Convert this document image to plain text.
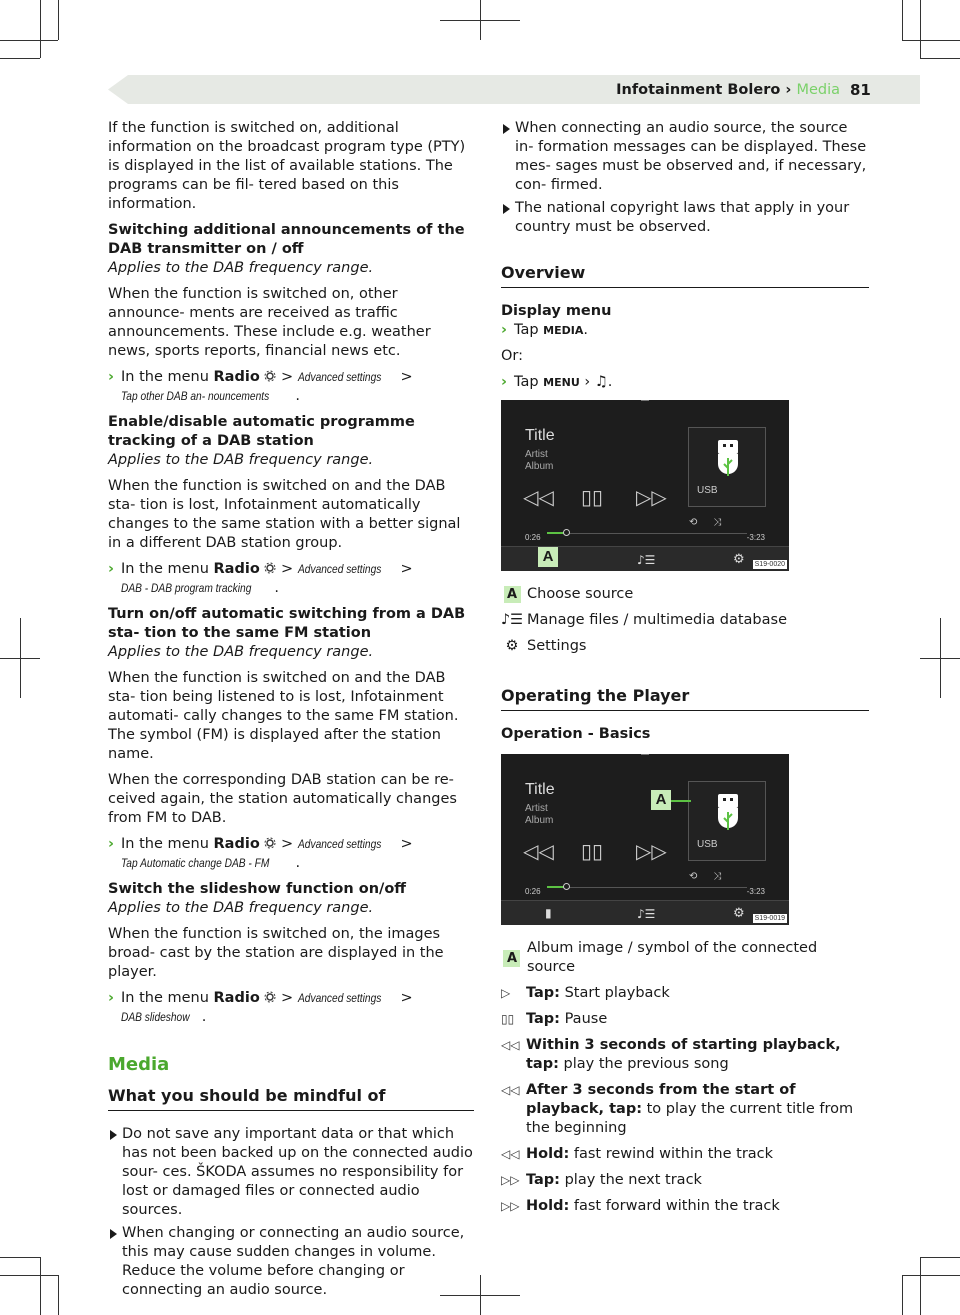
Infotainment Bolero › Media 81

If the function is switched on, additional information on the broadcast program type (PTY) is displayed in the list of available stations. The programs can be fil- tered based on this information.

Switching additional announcements of the DAB transmitter on / off
Applies to the DAB frequency range.

When the function is switched on, other announce- ments are received as traffic announcements. These include e.g. weather news, sports reports, financial news etc.

› In the menu Radio > Advanced settings > Tap other DAB an- nouncements .

Enable/disable automatic programme tracking of a DAB station
Applies to the DAB frequency range.

When the function is switched on and the DAB sta- tion is lost, Infotainment automatically changes to the same station with a better signal in a different DAB station group.

› In the menu Radio > Advanced settings > DAB - DAB program tracking .

Turn on/off automatic switching from a DAB sta- tion to the same FM station
Applies to the DAB frequency range.

When the function is switched on and the DAB sta- tion being listened to is lost, Infotainment automati- cally changes to the same FM station. The symbol (FM) is displayed after the station name.

When the corresponding DAB station can be re- ceived again, the station automatically changes from FM to DAB.

› In the menu Radio > Advanced settings > Tap Automatic change DAB - FM .

Switch the slideshow function on/off
Applies to the DAB frequency range.

When the function is switched on, the images broad- cast by the station are displayed in the player.

› In the menu Radio > Advanced settings > DAB slideshow .
Media
What you should be mindful of
Do not save any important data or that which has not been backed up on the connected audio sour- ces. ŠKODA assumes no responsibility for lost or damaged files or connected audio sources.
When changing or connecting an audio source, this may cause sudden changes in volume. Reduce the volume before changing or connecting an audio source.
When connecting an audio source, the source in- formation messages can be displayed. These mes- sages must be observed and, if necessary, con- firmed.
The national copyright laws that apply in your country must be observed.
Overview
Display menu
› Tap MEDIA.

Or:

› Tap MENU › ♫.
Title
Artist
Album
USB
◁◁ ▯▯ ▷▷
⟲     ⤨
0:26	-3:23
♪☰	⚙
A	S19-0020
A Choose source
♪☰ Manage files / multimedia database
⚙ Settings
Operating the Player
Operation - Basics
Title
Artist
Album
USB
A
◁◁ ▯▯ ▷▷
⟲     ⤨
0:26	-3:23
▮	♪☰	⚙ S19-0019
A
Album image / symbol of the connected source
▷	Tap: Start playback
▯▯ Tap: Pause
◁◁ Within 3 seconds of starting playback, tap: play the previous song
◁◁ After 3 seconds from the start of playback, tap: to play the current title from the beginning
◁◁ Hold: fast rewind within the track
▷▷ Tap: play the next track
▷▷ Hold: fast forward within the track
